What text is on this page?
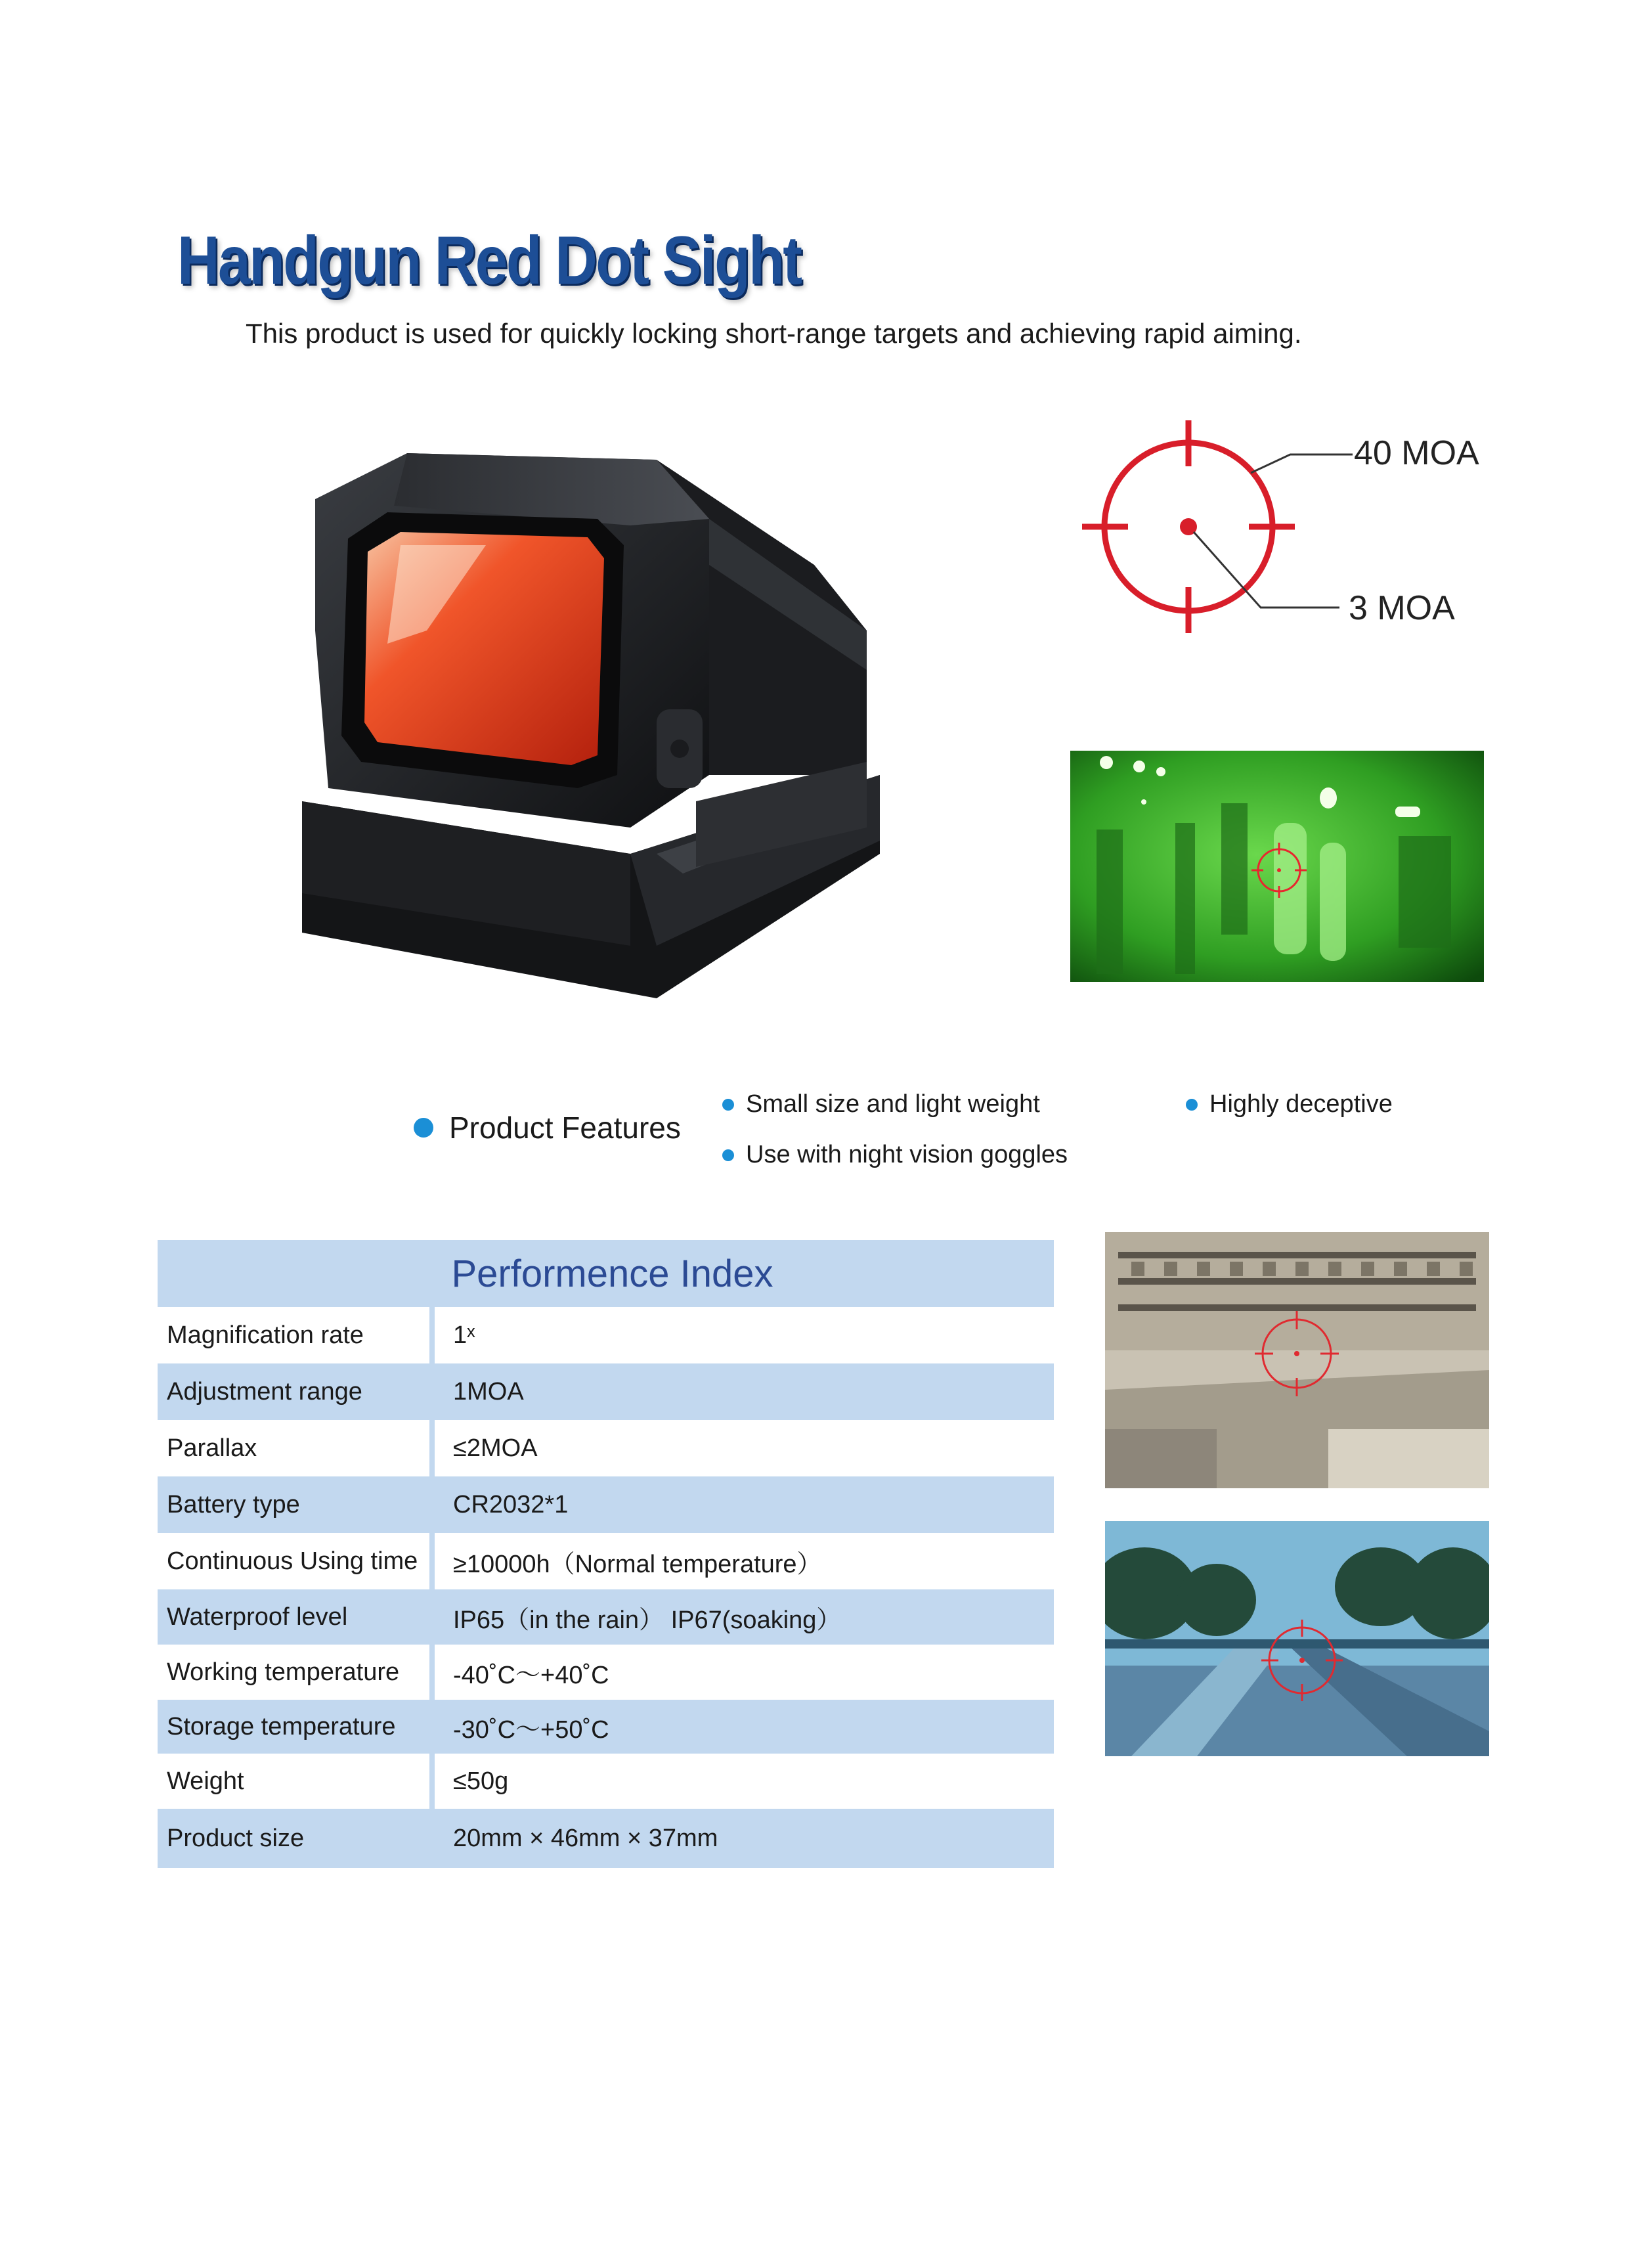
Handgun Red Dot Sight
This product is used for quickly locking short-range targets and achieving rapid aiming.
40 MOA
3 MOA
Product Features
Small size and light weight
Use with night vision goggles
Highly deceptive
Performence Index
Magnification rate	1ˣ
Adjustment range	1MOA
Parallax	≤2MOA
Battery type	CR2032*1
Continuous Using time	≥10000h（Normal temperature）
Waterproof level	IP65（in the rain） IP67(soaking）
Working temperature	-40˚C～+40˚C
Storage temperature	-30˚C～+50˚C
Weight	≤50g
Product size	20mm × 46mm × 37mm
